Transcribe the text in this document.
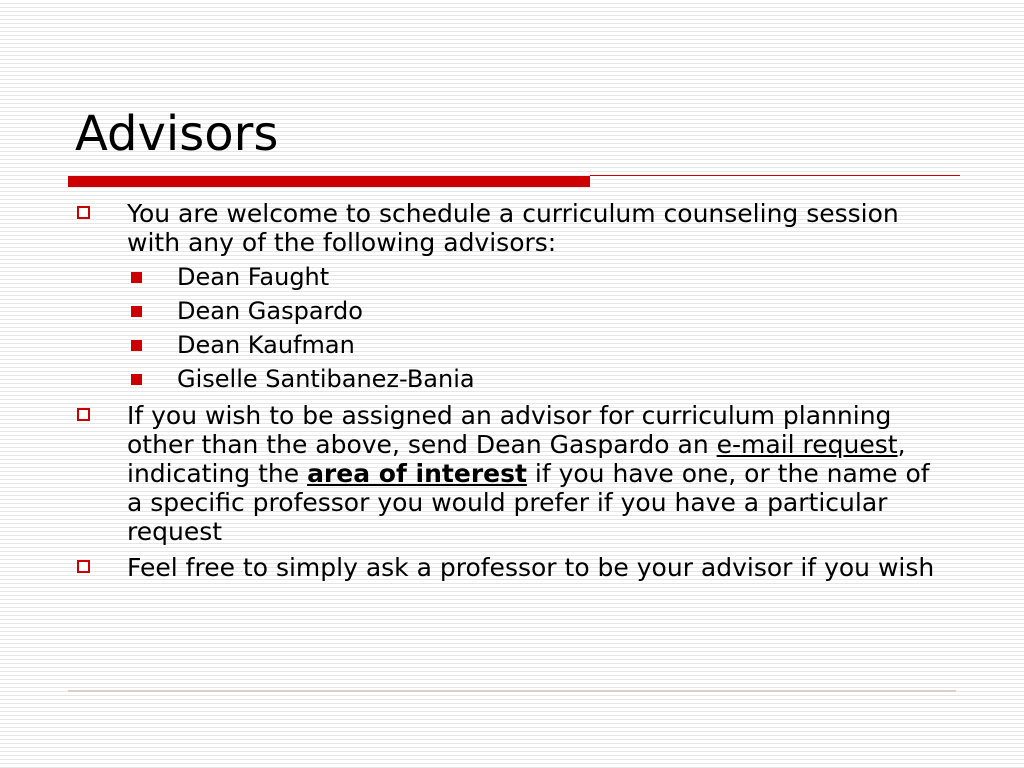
Advisors
You are welcome to schedule a curriculum counseling session with any of the following advisors:
Dean Faught
Dean Gaspardo
Dean Kaufman
Giselle Santibanez-Bania
If you wish to be assigned an advisor for curriculum planning other than the above, send Dean Gaspardo an e-mail request, indicating the area of interest if you have one, or the name of a specific professor you would prefer if you have a particular request
Feel free to simply ask a professor to be your advisor if you wish
